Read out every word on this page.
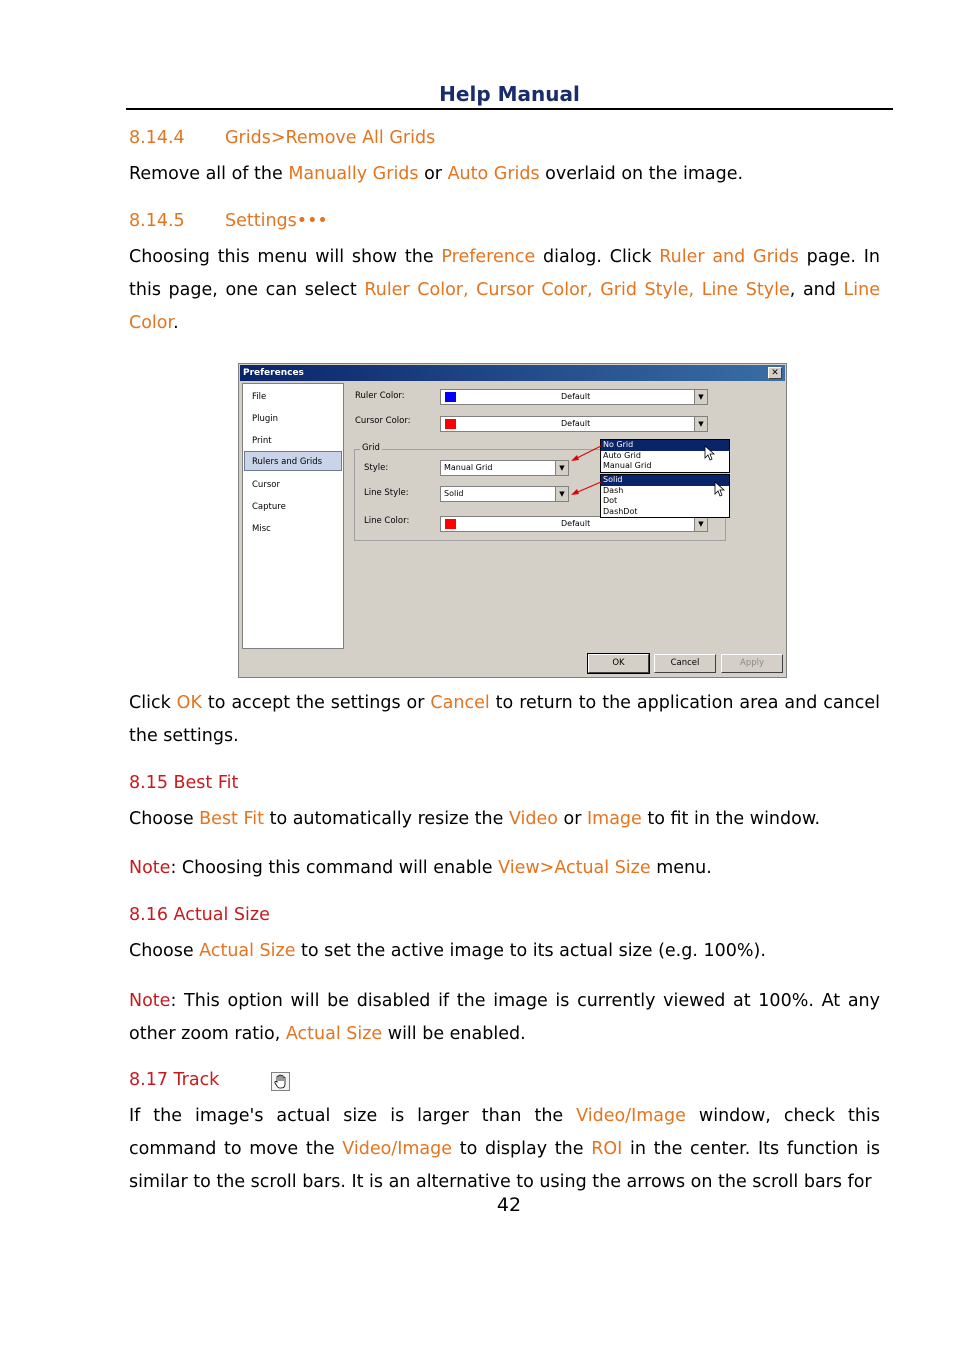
Help Manual
8.14.4 Grids>Remove All Grids
Remove all of the Manually Grids or Auto Grids overlaid on the image.
8.14.5 Settings•••
Choosing this menu will show the Preference dialog. Click Ruler and Grids page. In this page, one can select Ruler Color, Cursor Color, Grid Style, Line Style, and Line Color.
Preferences	✕
File
Plugin
Print
Rulers and Grids
Cursor
Capture
Misc
Ruler Color:	Default	▼
Cursor Color:	Default	▼
Grid
Style:	Manual Grid	▼
Line Style:	Solid	▼
Line Color:	Default	▼
No Grid
Auto Grid
Manual Grid
Solid
Dash
Dot
DashDot
OK	Cancel	Apply
Click OK to accept the settings or Cancel to return to the application area and cancel the settings.
8.15 Best Fit
Choose Best Fit to automatically resize the Video or Image to fit in the window.
Note: Choosing this command will enable View>Actual Size menu.
8.16 Actual Size
Choose Actual Size to set the active image to its actual size (e.g. 100%).
Note: This option will be disabled if the image is currently viewed at 100%. At any other zoom ratio, Actual Size will be enabled.
8.17 Track
If the image's actual size is larger than the Video/Image window, check this command to move the Video/Image to display the ROI in the center. Its function is similar to the scroll bars. It is an alternative to using the arrows on the scroll bars for
42
